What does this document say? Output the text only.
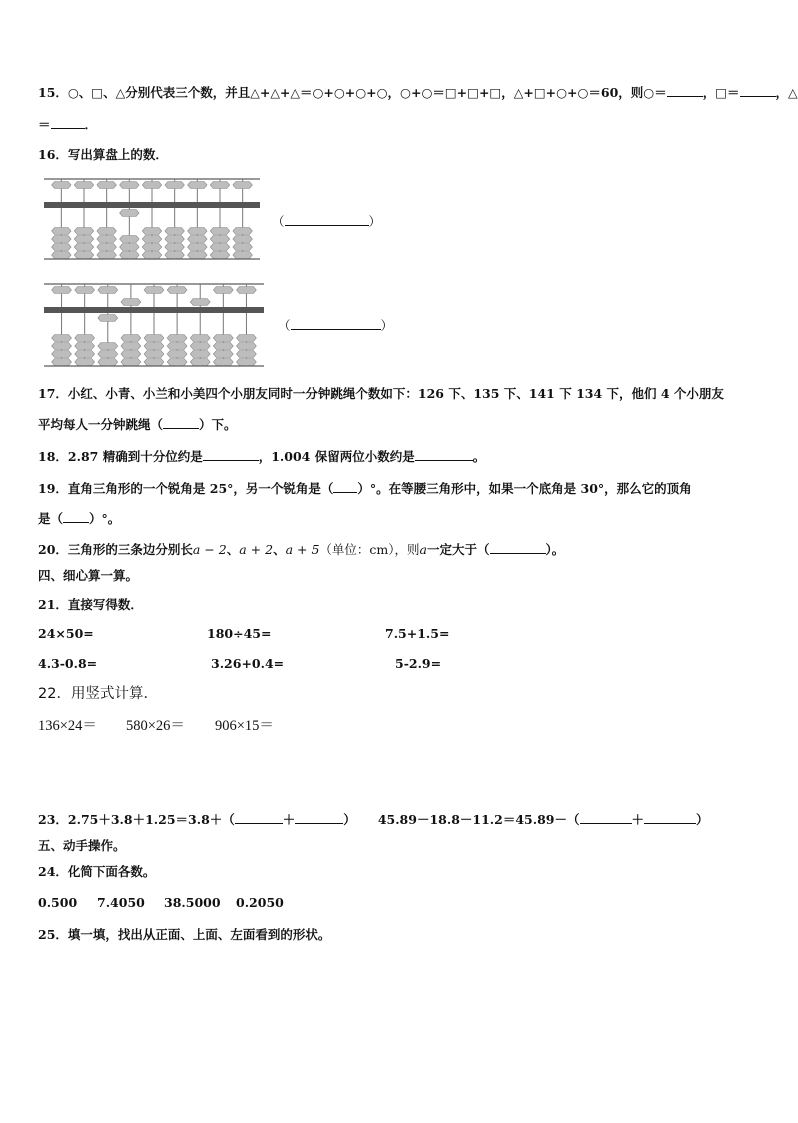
15．○、□、△分别代表三个数，并且△+△+△＝○+○+○+○，○+○＝□+□+□，△+□+○+○＝60，则○＝	，□＝	，△
＝	．
16．写出算盘上的数．
（	）
（	）
17．小红、小青、小兰和小美四个小朋友同时一分钟跳绳个数如下：126 下、135 下、141 下 134 下，他们 4 个小朋友
平均每人一分钟跳绳（	）下。
18．2.87 精确到十分位约是	，1.004 保留两位小数约是	。
19．直角三角形的一个锐角是 25°，另一个锐角是（ ）°。在等腰三角形中，如果一个底角是 30°，那么它的顶角
是（ ）°。
20．三角形的三条边分别长a − 2、a + 2、a + 5（单位：cm），则a一定大于（	）。
四、细心算一算。
21．直接写得数．
24×50=	180÷45=	7.5+1.5=
4.3-0.8=	3.26+0.4=	5-2.9=
22．用竖式计算．
136×24＝ 580×26＝ 906×15＝
23．2.75＋3.8＋1.25＝3.8＋（	＋	） 45.89－18.8－11.2＝45.89－（	＋	）
五、动手操作。
24．化简下面各数。
0.500 7.4050 38.5000 0.2050
25．填一填，找出从正面、上面、左面看到的形状。
